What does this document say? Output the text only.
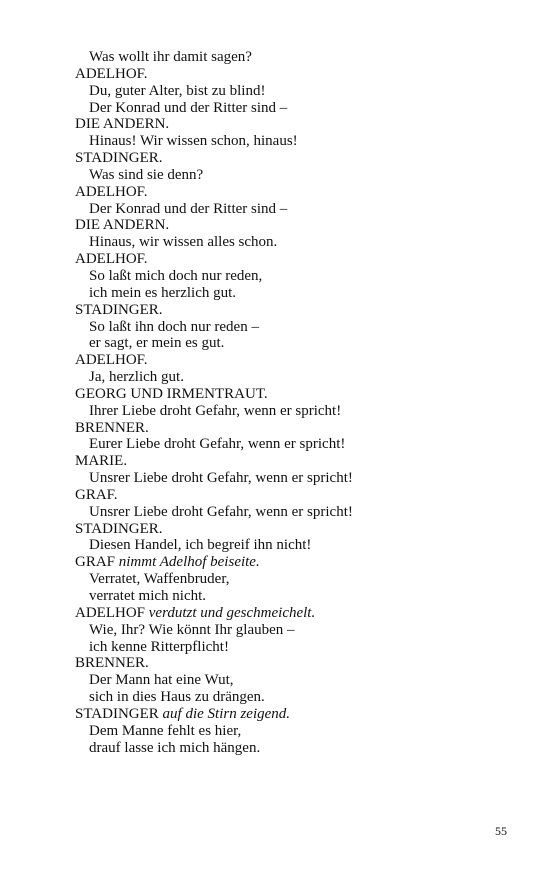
Was wollt ihr damit sagen?
ADELHOF.
Du, guter Alter, bist zu blind!
Der Konrad und der Ritter sind –
DIE ANDERN.
Hinaus! Wir wissen schon, hinaus!
STADINGER.
Was sind sie denn?
ADELHOF.
Der Konrad und der Ritter sind –
DIE ANDERN.
Hinaus, wir wissen alles schon.
ADELHOF.
So laßt mich doch nur reden,
ich mein es herzlich gut.
STADINGER.
So laßt ihn doch nur reden –
er sagt, er mein es gut.
ADELHOF.
Ja, herzlich gut.
GEORG UND IRMENTRAUT.
Ihrer Liebe droht Gefahr, wenn er spricht!
BRENNER.
Eurer Liebe droht Gefahr, wenn er spricht!
MARIE.
Unsrer Liebe droht Gefahr, wenn er spricht!
GRAF.
Unsrer Liebe droht Gefahr, wenn er spricht!
STADINGER.
Diesen Handel, ich begreif ihn nicht!
GRAF nimmt Adelhof beiseite.
Verratet, Waffenbruder,
verratet mich nicht.
ADELHOF verdutzt und geschmeichelt.
Wie, Ihr? Wie könnt Ihr glauben –
ich kenne Ritterpflicht!
BRENNER.
Der Mann hat eine Wut,
sich in dies Haus zu drängen.
STADINGER auf die Stirn zeigend.
Dem Manne fehlt es hier,
drauf lasse ich mich hängen.
55
